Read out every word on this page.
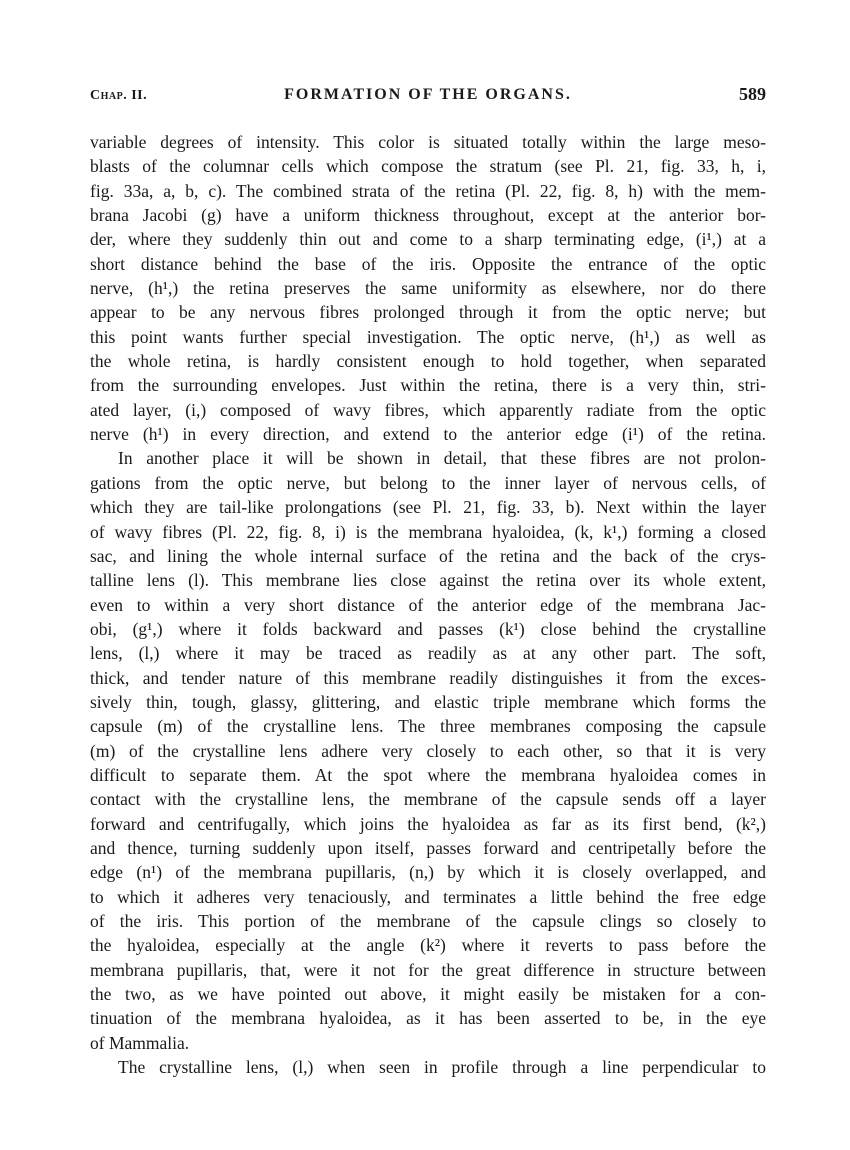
Chap. II.	FORMATION OF THE ORGANS.	589
variable degrees of intensity. This color is situated totally within the large meso-
blasts of the columnar cells which compose the stratum (see Pl. 21, fig. 33, h, i,
fig. 33a, a, b, c). The combined strata of the retina (Pl. 22, fig. 8, h) with the mem-
brana Jacobi (g) have a uniform thickness throughout, except at the anterior bor-
der, where they suddenly thin out and come to a sharp terminating edge, (i¹,) at a
short distance behind the base of the iris. Opposite the entrance of the optic
nerve, (h¹,) the retina preserves the same uniformity as elsewhere, nor do there
appear to be any nervous fibres prolonged through it from the optic nerve; but
this point wants further special investigation. The optic nerve, (h¹,) as well as
the whole retina, is hardly consistent enough to hold together, when separated
from the surrounding envelopes. Just within the retina, there is a very thin, stri-
ated layer, (i,) composed of wavy fibres, which apparently radiate from the optic
nerve (h¹) in every direction, and extend to the anterior edge (i¹) of the retina.
In another place it will be shown in detail, that these fibres are not prolon-
gations from the optic nerve, but belong to the inner layer of nervous cells, of
which they are tail-like prolongations (see Pl. 21, fig. 33, b). Next within the layer
of wavy fibres (Pl. 22, fig. 8, i) is the membrana hyaloidea, (k, k¹,) forming a closed
sac, and lining the whole internal surface of the retina and the back of the crys-
talline lens (l). This membrane lies close against the retina over its whole extent,
even to within a very short distance of the anterior edge of the membrana Jac-
obi, (g¹,) where it folds backward and passes (k¹) close behind the crystalline
lens, (l,) where it may be traced as readily as at any other part. The soft,
thick, and tender nature of this membrane readily distinguishes it from the exces-
sively thin, tough, glassy, glittering, and elastic triple membrane which forms the
capsule (m) of the crystalline lens. The three membranes composing the capsule
(m) of the crystalline lens adhere very closely to each other, so that it is very
difficult to separate them. At the spot where the membrana hyaloidea comes in
contact with the crystalline lens, the membrane of the capsule sends off a layer
forward and centrifugally, which joins the hyaloidea as far as its first bend, (k²,)
and thence, turning suddenly upon itself, passes forward and centripetally before the
edge (n¹) of the membrana pupillaris, (n,) by which it is closely overlapped, and
to which it adheres very tenaciously, and terminates a little behind the free edge
of the iris. This portion of the membrane of the capsule clings so closely to
the hyaloidea, especially at the angle (k²) where it reverts to pass before the
membrana pupillaris, that, were it not for the great difference in structure between
the two, as we have pointed out above, it might easily be mistaken for a con-
tinuation of the membrana hyaloidea, as it has been asserted to be, in the eye
of Mammalia.
The crystalline lens, (l,) when seen in profile through a line perpendicular to
